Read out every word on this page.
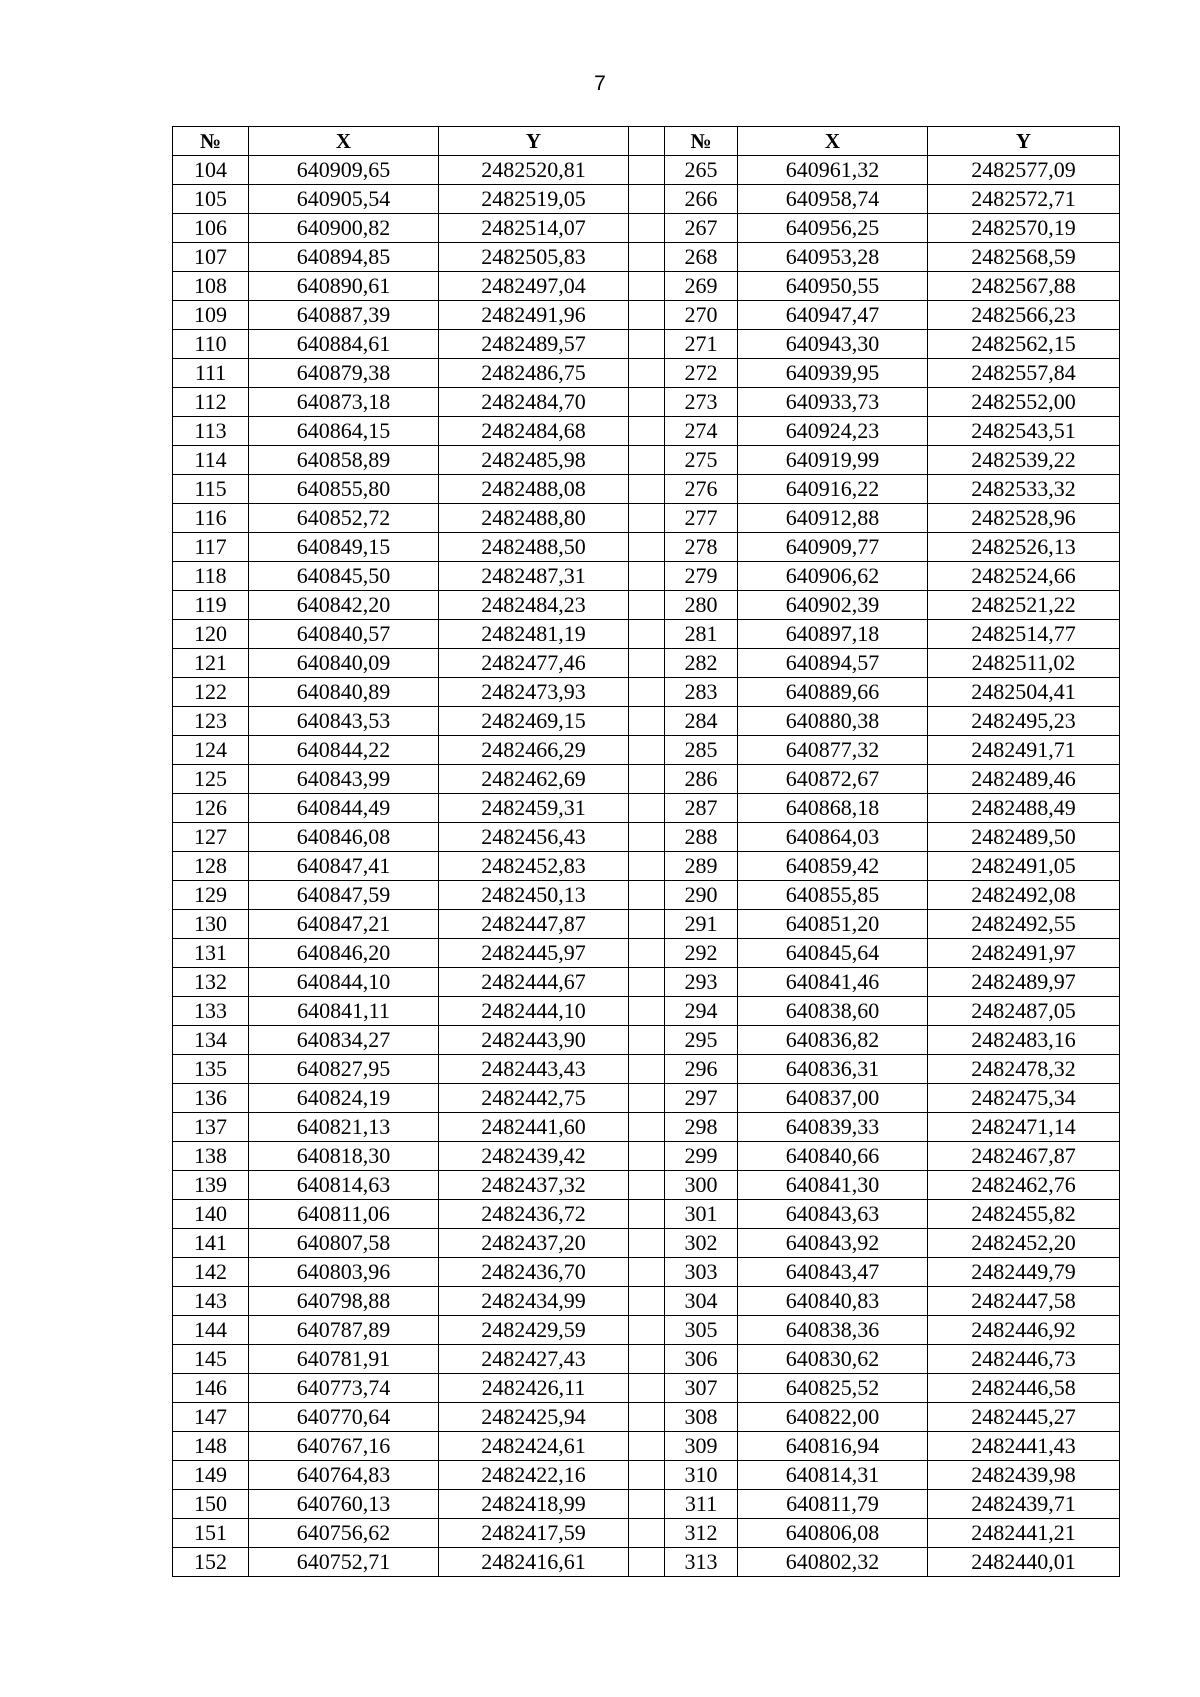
7
№	X	Y		№	X	Y
104	640909,65	2482520,81		265	640961,32	2482577,09
105	640905,54	2482519,05		266	640958,74	2482572,71
106	640900,82	2482514,07		267	640956,25	2482570,19
107	640894,85	2482505,83		268	640953,28	2482568,59
108	640890,61	2482497,04		269	640950,55	2482567,88
109	640887,39	2482491,96		270	640947,47	2482566,23
110	640884,61	2482489,57		271	640943,30	2482562,15
111	640879,38	2482486,75		272	640939,95	2482557,84
112	640873,18	2482484,70		273	640933,73	2482552,00
113	640864,15	2482484,68		274	640924,23	2482543,51
114	640858,89	2482485,98		275	640919,99	2482539,22
115	640855,80	2482488,08		276	640916,22	2482533,32
116	640852,72	2482488,80		277	640912,88	2482528,96
117	640849,15	2482488,50		278	640909,77	2482526,13
118	640845,50	2482487,31		279	640906,62	2482524,66
119	640842,20	2482484,23		280	640902,39	2482521,22
120	640840,57	2482481,19		281	640897,18	2482514,77
121	640840,09	2482477,46		282	640894,57	2482511,02
122	640840,89	2482473,93		283	640889,66	2482504,41
123	640843,53	2482469,15		284	640880,38	2482495,23
124	640844,22	2482466,29		285	640877,32	2482491,71
125	640843,99	2482462,69		286	640872,67	2482489,46
126	640844,49	2482459,31		287	640868,18	2482488,49
127	640846,08	2482456,43		288	640864,03	2482489,50
128	640847,41	2482452,83		289	640859,42	2482491,05
129	640847,59	2482450,13		290	640855,85	2482492,08
130	640847,21	2482447,87		291	640851,20	2482492,55
131	640846,20	2482445,97		292	640845,64	2482491,97
132	640844,10	2482444,67		293	640841,46	2482489,97
133	640841,11	2482444,10		294	640838,60	2482487,05
134	640834,27	2482443,90		295	640836,82	2482483,16
135	640827,95	2482443,43		296	640836,31	2482478,32
136	640824,19	2482442,75		297	640837,00	2482475,34
137	640821,13	2482441,60		298	640839,33	2482471,14
138	640818,30	2482439,42		299	640840,66	2482467,87
139	640814,63	2482437,32		300	640841,30	2482462,76
140	640811,06	2482436,72		301	640843,63	2482455,82
141	640807,58	2482437,20		302	640843,92	2482452,20
142	640803,96	2482436,70		303	640843,47	2482449,79
143	640798,88	2482434,99		304	640840,83	2482447,58
144	640787,89	2482429,59		305	640838,36	2482446,92
145	640781,91	2482427,43		306	640830,62	2482446,73
146	640773,74	2482426,11		307	640825,52	2482446,58
147	640770,64	2482425,94		308	640822,00	2482445,27
148	640767,16	2482424,61		309	640816,94	2482441,43
149	640764,83	2482422,16		310	640814,31	2482439,98
150	640760,13	2482418,99		311	640811,79	2482439,71
151	640756,62	2482417,59		312	640806,08	2482441,21
152	640752,71	2482416,61		313	640802,32	2482440,01
